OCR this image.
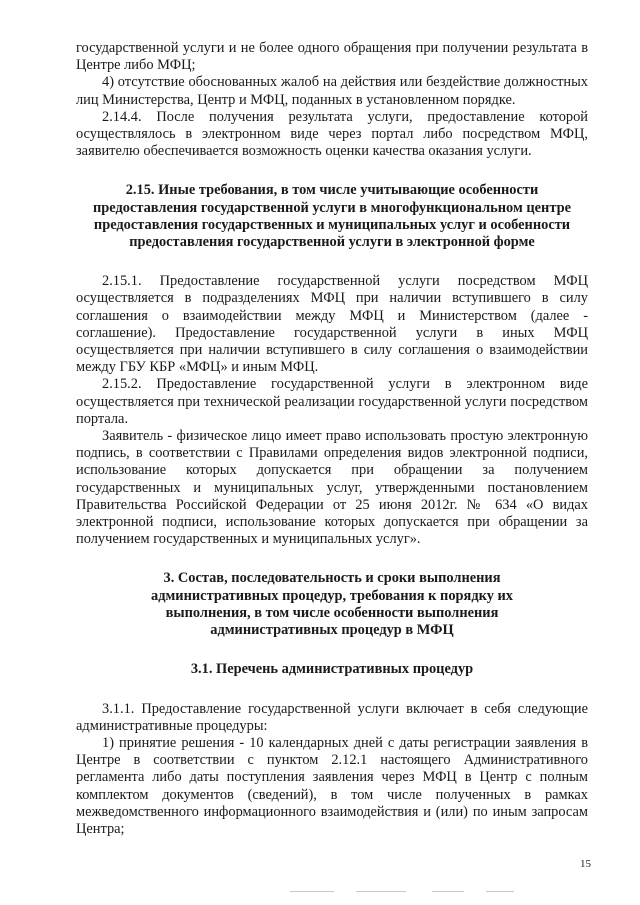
государственной услуги и не более одного обращения при получении результата в Центре либо МФЦ;

4) отсутствие обоснованных жалоб на действия или бездействие должностных лиц Министерства, Центр и МФЦ, поданных в установленном порядке.

2.14.4. После получения результата услуги, предоставление которой осуществлялось в электронном виде через портал либо посредством МФЦ, заявителю обеспечивается возможность оценки качества оказания услуги.

2.15. Иные требования, в том числе учитывающие особенности предоставления государственной услуги в многофункциональном центре предоставления государственных и муниципальных услуг и особенности предоставления государственной услуги в электронной форме

2.15.1. Предоставление государственной услуги посредством МФЦ осуществляется в подразделениях МФЦ при наличии вступившего в силу соглашения о взаимодействии между МФЦ и Министерством (далее - соглашение). Предоставление государственной услуги в иных МФЦ осуществляется при наличии вступившего в силу соглашения о взаимодействии между ГБУ КБР «МФЦ» и иным МФЦ.

2.15.2. Предоставление государственной услуги в электронном виде осуществляется при технической реализации государственной услуги посредством портала.

Заявитель - физическое лицо имеет право использовать простую электронную подпись, в соответствии с Правилами определения видов электронной подписи, использование которых допускается при обращении за получением государственных и муниципальных услуг, утвержденными постановлением Правительства Российской Федерации от 25 июня 2012г. № 634 «О видах электронной подписи, использование которых допускается при обращении за получением государственных и муниципальных услуг».

3. Состав, последовательность и сроки выполнения административных процедур, требования к порядку их выполнения, в том числе особенности выполнения административных процедур в МФЦ

3.1. Перечень административных процедур

3.1.1. Предоставление государственной услуги включает в себя следующие административные процедуры:

1) принятие решения - 10 календарных дней с даты регистрации заявления в Центре в соответствии с пунктом 2.12.1 настоящего Административного регламента либо даты поступления заявления через МФЦ в Центр с полным комплектом документов (сведений), в том числе полученных в рамках межведомственного информационного взаимодействия и (или) по иным запросам Центра;

15
